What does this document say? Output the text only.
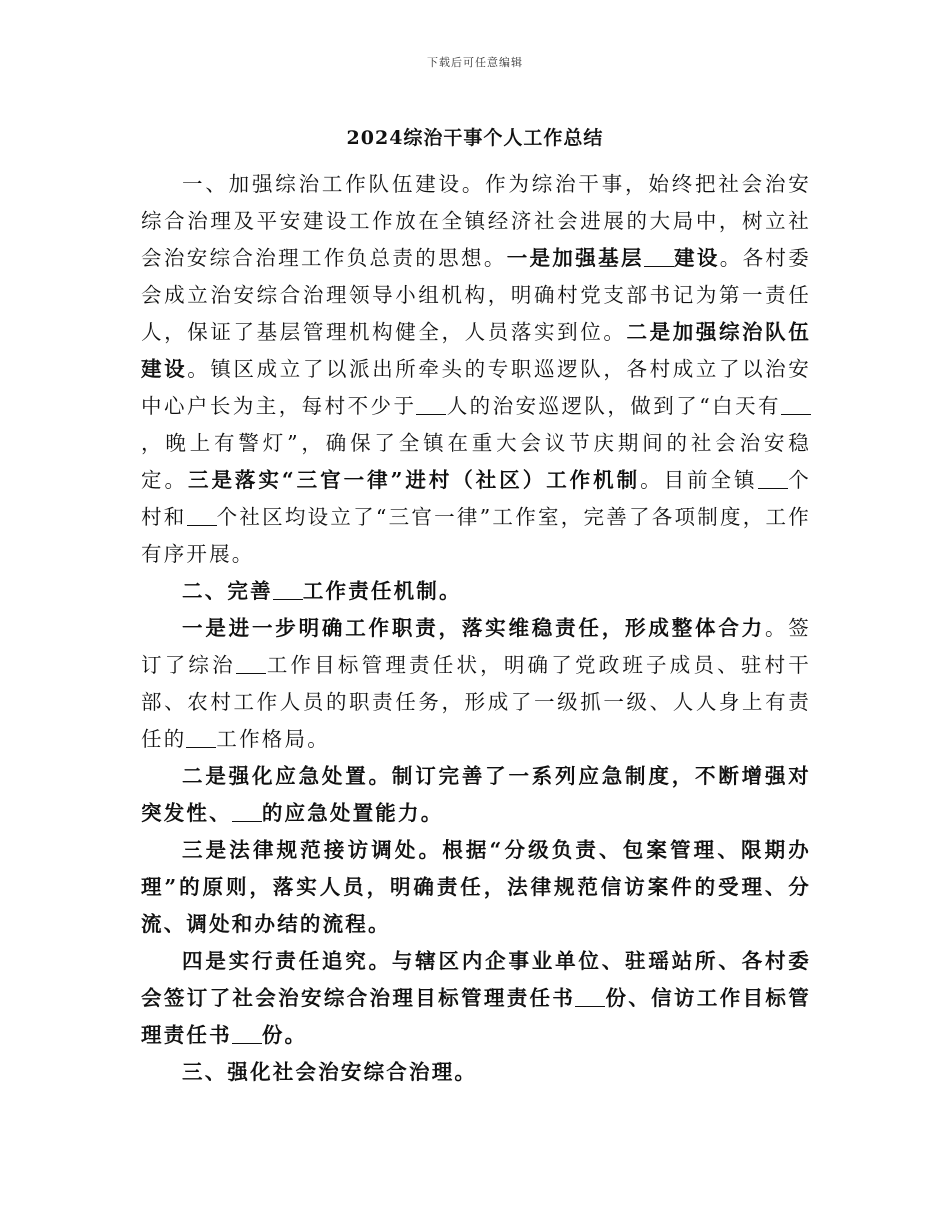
下载后可任意编辑
2024综治干事个人工作总结

一、加强综治工作队伍建设。作为综治干事，始终把社会治安综合治理及平安建设工作放在全镇经济社会进展的大局中，树立社会治安综合治理工作负总责的思想。一是加强基层 建设。各村委会成立治安综合治理领导小组机构，明确村党支部书记为第一责任人，保证了基层管理机构健全，人员落实到位。二是加强综治队伍建设。镇区成立了以派出所牵头的专职巡逻队，各村成立了以治安中心户长为主，每村不少于 人的治安巡逻队，做到了“白天有，晚上有警灯”，确保了全镇在重大会议节庆期间的社会治安稳定。三是落实“三官一律”进村（社区）工作机制。目前全镇 个村和 个社区均设立了“三官一律”工作室，完善了各项制度，工作有序开展。

二、完善 工作责任机制。

一是进一步明确工作职责，落实维稳责任，形成整体合力。签订了综治 工作目标管理责任状，明确了党政班子成员、驻村干部、农村工作人员的职责任务，形成了一级抓一级、人人身上有责任的 工作格局。

二是强化应急处置。制订完善了一系列应急制度，不断增强对突发性、 的应急处置能力。

三是法律规范接访调处。根据“分级负责、包案管理、限期办理”的原则，落实人员，明确责任，法律规范信访案件的受理、分流、调处和办结的流程。

四是实行责任追究。与辖区内企事业单位、驻瑶站所、各村委会签订了社会治安综合治理目标管理责任书 份、信访工作目标管理责任书 份。

三、强化社会治安综合治理。
